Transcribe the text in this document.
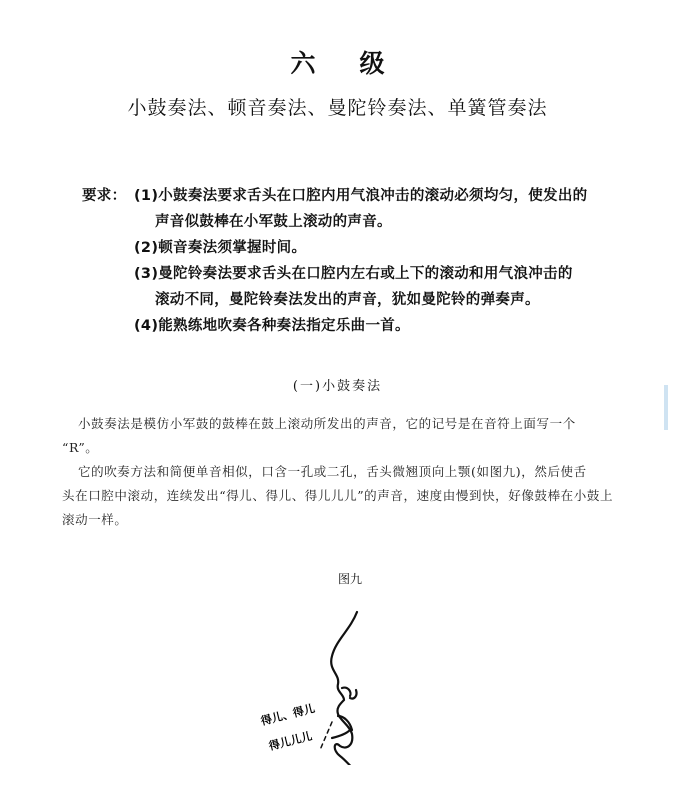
六级
小鼓奏法、顿音奏法、曼陀铃奏法、单簧管奏法
要求： (1)小鼓奏法要求舌头在口腔内用气浪冲击的滚动必须均匀，使发出的
声音似鼓棒在小军鼓上滚动的声音。
(2)顿音奏法须掌握时间。
(3)曼陀铃奏法要求舌头在口腔内左右或上下的滚动和用气浪冲击的
滚动不同，曼陀铃奏法发出的声音，犹如曼陀铃的弹奏声。
(4)能熟练地吹奏各种奏法指定乐曲一首。
(一)小鼓奏法
小鼓奏法是模仿小军鼓的鼓棒在鼓上滚动所发出的声音，它的记号是在音符上面写一个
“R”。
它的吹奏方法和简便单音相似，口含一孔或二孔，舌头微翘顶向上颚(如图九)，然后使舌
头在口腔中滚动，连续发出“得儿、得儿、得儿儿儿”的声音，速度由慢到快，好像鼓棒在小鼓上
滚动一样。
图九
得儿、得儿
得儿儿儿
